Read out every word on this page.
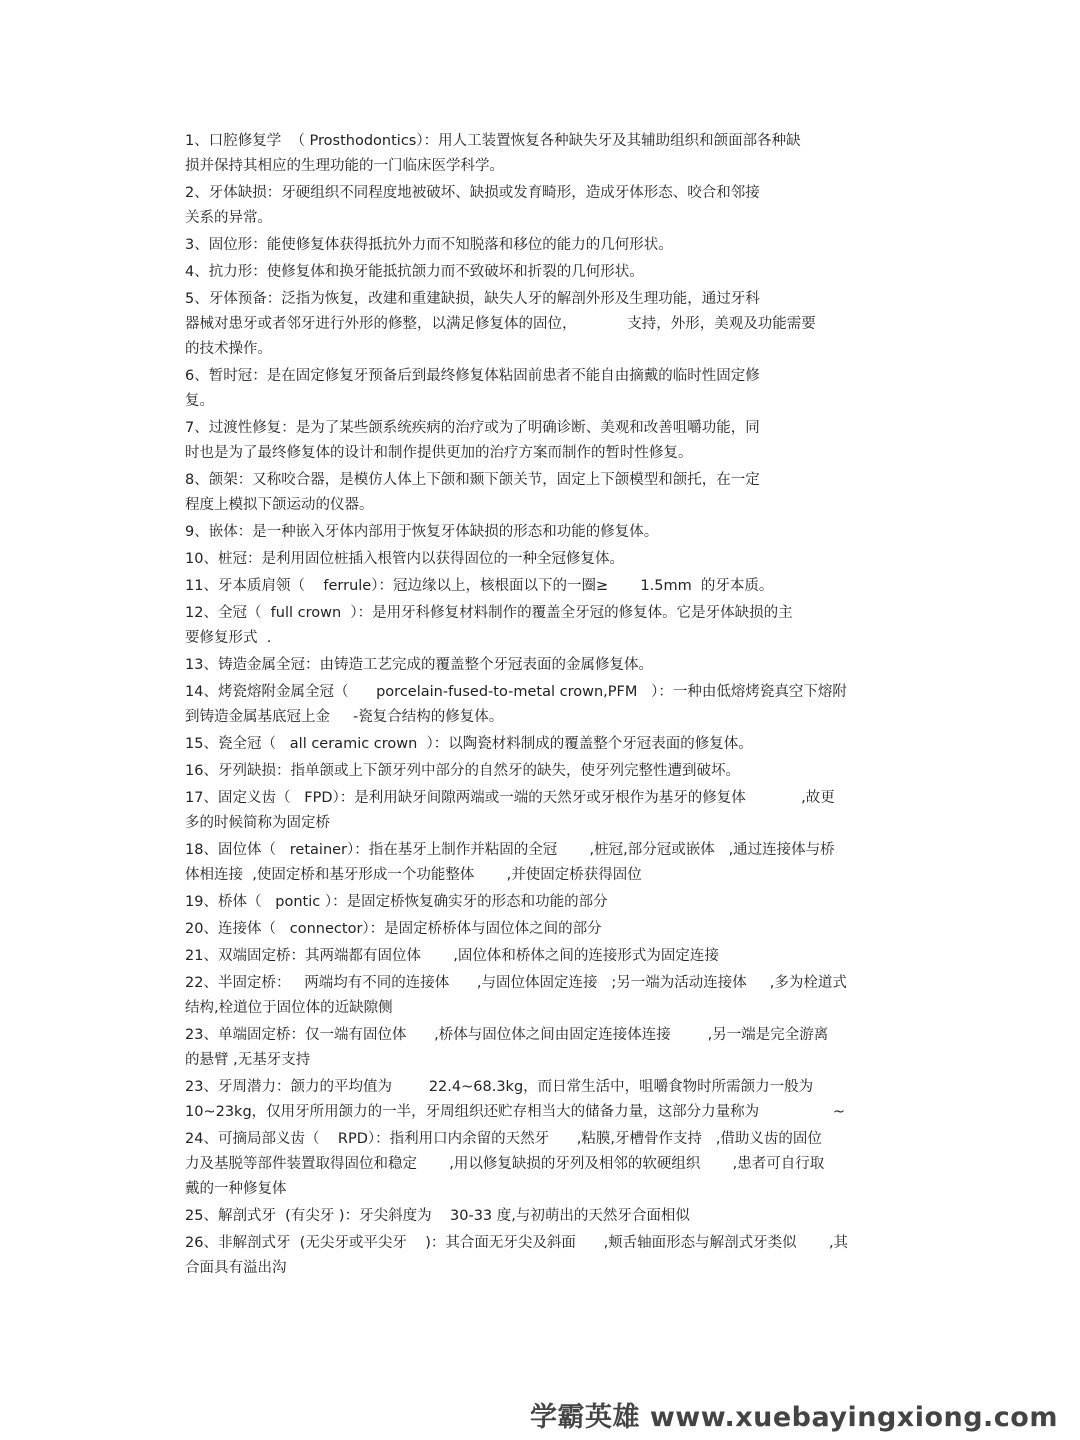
1、口腔修复学  （ Prosthodontics）：用人工装置恢复各种缺失牙及其辅助组织和颌面部各种缺
损并保持其相应的生理功能的一门临床医学科学。
2、牙体缺损：牙硬组织不同程度地被破坏、缺损或发育畸形，造成牙体形态、咬合和邻接
关系的异常。
3、固位形：能使修复体获得抵抗外力而不知脱落和移位的能力的几何形状。
4、抗力形：使修复体和换牙能抵抗颌力而不致破坏和折裂的几何形状。
5、牙体预备：泛指为恢复，改建和重建缺损，缺失人牙的解剖外形及生理功能，通过牙科
器械对患牙或者邻牙进行外形的修整，以满足修复体的固位，           支持，外形，美观及功能需要
的技术操作。
6、暂时冠：是在固定修复牙预备后到最终修复体粘固前患者不能自由摘戴的临时性固定修
复。
7、过渡性修复：是为了某些颌系统疾病的治疗或为了明确诊断、美观和改善咀嚼功能，同
时也是为了最终修复体的设计和制作提供更加的治疗方案而制作的暂时性修复。
8、颌架：又称咬合器，是模仿人体上下颌和颞下颌关节，固定上下颌模型和颌托，在一定
程度上模拟下颌运动的仪器。
9、嵌体：是一种嵌入牙体内部用于恢复牙体缺损的形态和功能的修复体。
10、桩冠：是利用固位桩插入根管内以获得固位的一种全冠修复体。
11、牙本质肩领（    ferrule）：冠边缘以上，核根面以下的一圈≥       1.5mm  的牙本质。
12、全冠（  full crown  ）：是用牙科修复材料制作的覆盖全牙冠的修复体。它是牙体缺损的主
要修复形式  .
13、铸造金属全冠：由铸造工艺完成的覆盖整个牙冠表面的金属修复体。
14、烤瓷熔附金属全冠（      porcelain-fused-to-metal crown,PFM   ）：一种由低熔烤瓷真空下熔附
到铸造金属基底冠上金     -瓷复合结构的修复体。
15、瓷全冠（   all ceramic crown  ）：以陶瓷材料制成的覆盖整个牙冠表面的修复体。
16、牙列缺损：指单颌或上下颌牙列中部分的自然牙的缺失，使牙列完整性遭到破坏。
17、固定义齿（   FPD）：是利用缺牙间隙两端或一端的天然牙或牙根作为基牙的修复体            ,故更
多的时候简称为固定桥
18、固位体（   retainer）：指在基牙上制作并粘固的全冠       ,桩冠,部分冠或嵌体   ,通过连接体与桥
体相连接  ,使固定桥和基牙形成一个功能整体       ,并使固定桥获得固位
19、桥体（   pontic ）：是固定桥恢复确实牙的形态和功能的部分
20、连接体（   connector）：是固定桥桥体与固位体之间的部分
21、双端固定桥：其两端都有固位体       ,固位体和桥体之间的连接形式为固定连接
22、半固定桥：   两端均有不同的连接体      ,与固位体固定连接   ;另一端为活动连接体     ,多为栓道式
结构,栓道位于固位体的近缺隙侧
23、单端固定桥：仅一端有固位体      ,桥体与固位体之间由固定连接体连接        ,另一端是完全游离
的悬臂 ,无基牙支持
23、牙周潜力：颌力的平均值为        22.4~68.3kg，而日常生活中，咀嚼食物时所需颌力一般为
10~23kg，仅用牙所用颌力的一半，牙周组织还贮存相当大的储备力量，这部分力量称为                ~
24、可摘局部义齿（    RPD）：指利用口内余留的天然牙      ,粘膜,牙槽骨作支持   ,借助义齿的固位
力及基脱等部件装置取得固位和稳定       ,用以修复缺损的牙列及相邻的软硬组织       ,患者可自行取
戴的一种修复体
25、解剖式牙  (有尖牙 )：牙尖斜度为    30-33 度,与初萌出的天然牙合面相似
26、非解剖式牙  (无尖牙或平尖牙    )：其合面无牙尖及斜面      ,颊舌轴面形态与解剖式牙类似       ,其
合面具有溢出沟
学霸英雄 www.xuebayingxiong.com
